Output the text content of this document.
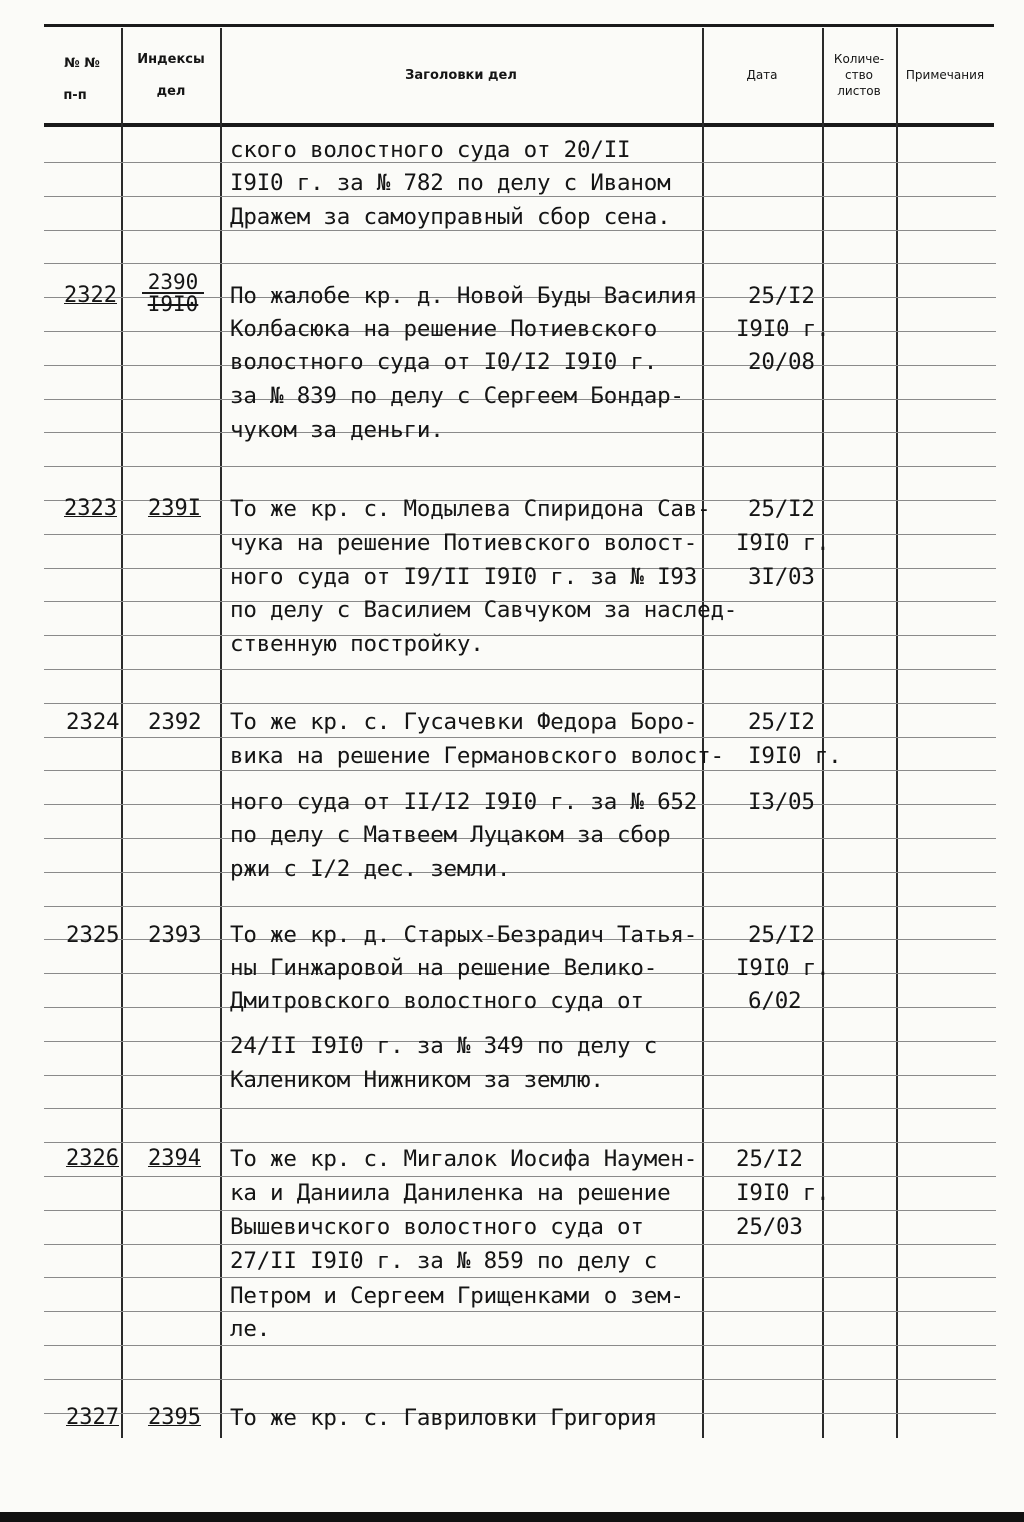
№ №
п-п
Индексы
дел
Заголовки дел	Дата
Количе-
ство
листов
Примечания
ского волостного суда от 20/II
I9I0 г. за № 782 по делу с Иваном
Дражем за самоуправный сбор сена.
2322
2390
I9I0	По жалобе кр. д. Новой Буды Василия
Колбасюка на решение Потиевского
волостного суда от I0/I2 I9I0 г.
за № 839 по делу с Сергеем Бондар-
чуком за деньги.
25/I2
I9I0 г.
20/08
2323 239I То же кр. с. Модылева Спиридона Сав-
чука на решение Потиевского волост-
ного суда от I9/II I9I0 г. за № I93
по делу с Василием Савчуком за наслед-
ственную постройку.
25/I2
I9I0 г.
3I/03
2324 2392 То же кр. с. Гусачевки Федора Боро-
вика на решение Германовского волост-
ного суда от II/I2 I9I0 г. за № 652
по делу с Матвеем Луцаком за сбор
ржи с I/2 дес. земли.
25/I2
I9I0 г.
I3/05
2325 2393 То же кр. д. Старых-Безрадич Татья-
ны Гинжаровой на решение Велико-
Дмитровского волостного суда от
24/II I9I0 г. за № 349 по делу с
Калеником Нижником за землю.
25/I2
I9I0 г.
6/02
2326 2394 То же кр. с. Мигалок Иосифа Наумен-
ка и Даниила Даниленка на решение
Вышевичского волостного суда от
27/II I9I0 г. за № 859 по делу с
Петром и Сергеем Грищенками о зем-
ле.
25/I2
I9I0 г.
25/03
2327 2395 То же кр. с. Гавриловки Григория
